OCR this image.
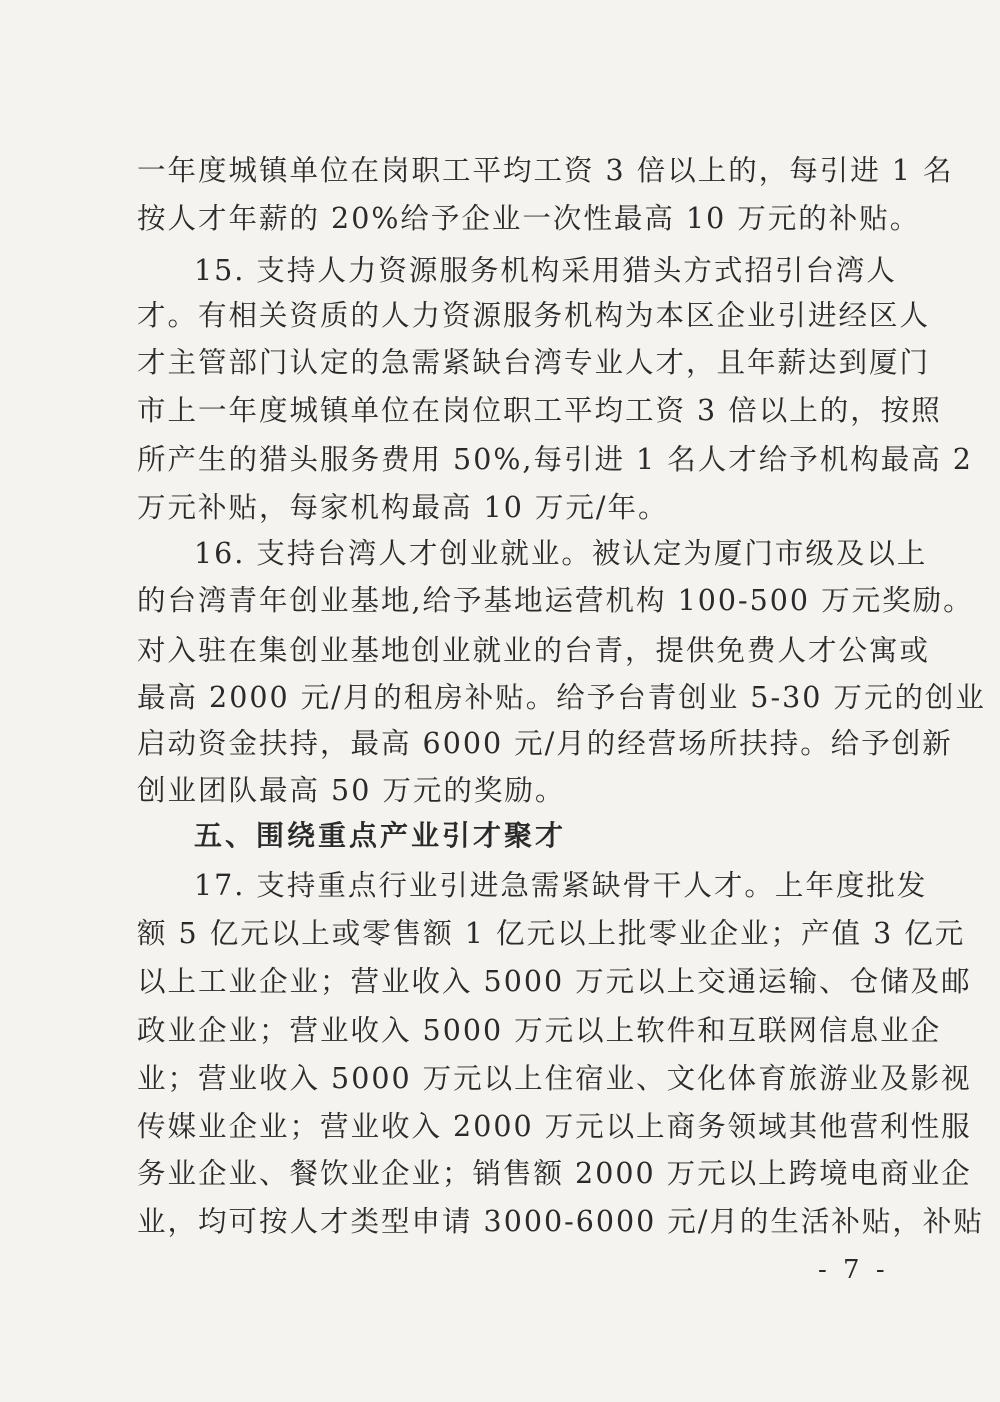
一年度城镇单位在岗职工平均工资 3 倍以上的，每引进 1 名
按人才年薪的 20%给予企业一次性最高 10 万元的补贴。
15. 支持人力资源服务机构采用猎头方式招引台湾人
才。有相关资质的人力资源服务机构为本区企业引进经区人
才主管部门认定的急需紧缺台湾专业人才，且年薪达到厦门
市上一年度城镇单位在岗位职工平均工资 3 倍以上的，按照
所产生的猎头服务费用 50%,每引进 1 名人才给予机构最高 2
万元补贴，每家机构最高 10 万元/年。
16. 支持台湾人才创业就业。被认定为厦门市级及以上
的台湾青年创业基地,给予基地运营机构 100-500 万元奖励。
对入驻在集创业基地创业就业的台青，提供免费人才公寓或
最高 2000 元/月的租房补贴。给予台青创业 5-30 万元的创业
启动资金扶持，最高 6000 元/月的经营场所扶持。给予创新
创业团队最高 50 万元的奖励。
五、围绕重点产业引才聚才
17. 支持重点行业引进急需紧缺骨干人才。上年度批发
额 5 亿元以上或零售额 1 亿元以上批零业企业；产值 3 亿元
以上工业企业；营业收入 5000 万元以上交通运输、仓储及邮
政业企业；营业收入 5000 万元以上软件和互联网信息业企
业；营业收入 5000 万元以上住宿业、文化体育旅游业及影视
传媒业企业；营业收入 2000 万元以上商务领域其他营利性服
务业企业、餐饮业企业；销售额 2000 万元以上跨境电商业企
业，均可按人才类型申请 3000-6000 元/月的生活补贴，补贴
- 7 -
